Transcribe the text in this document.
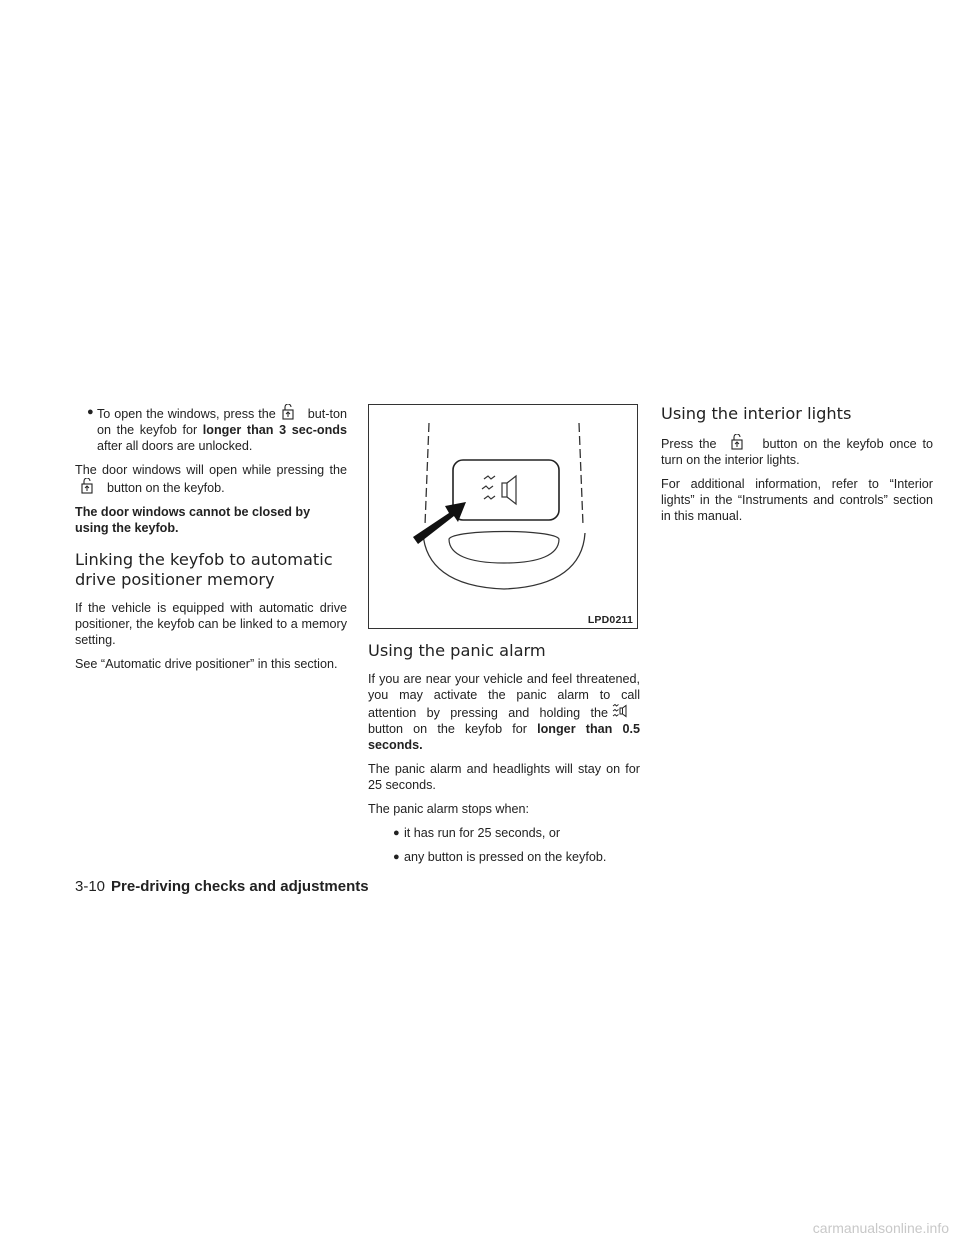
● To open the windows, press the	but-ton on the keyfob for longer than 3 sec-onds after all doors are unlocked.

The door windows will open while pressing the
button on the keyfob.

The door windows cannot be closed by using the keyfob.

Linking the keyfob to automatic drive positioner memory

If the vehicle is equipped with automatic drive positioner, the keyfob can be linked to a memory setting.

See “Automatic drive positioner” in this section.

LPD0211
Using the panic alarm

If you are near your vehicle and feel threatened, you may activate the panic alarm to call attention by pressing and holding the
button on the keyfob for longer than 0.5 seconds.

The panic alarm and headlights will stay on for 25 seconds.

The panic alarm stops when:

● it has run for 25 seconds, or

● any button is pressed on the keyfob.

Using the interior lights

Press the	button on the keyfob once to turn on the interior lights.

For additional information, refer to “Interior lights” in the “Instruments and controls” section in this manual.

3-10 Pre-driving checks and adjustments
carmanualsonline.info
